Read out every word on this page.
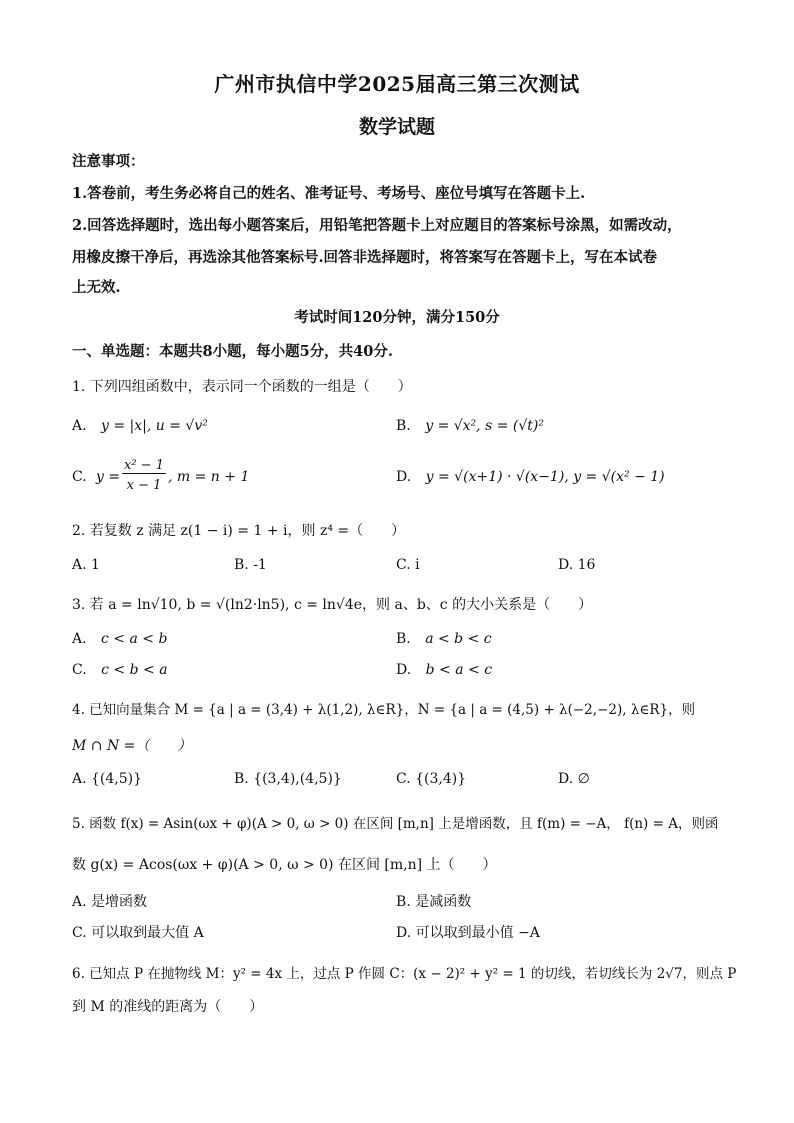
广州市执信中学2025届高三第三次测试
数学试题
注意事项：
1.答卷前，考生务必将自己的姓名、准考证号、考场号、座位号填写在答题卡上.
2.回答选择题时，选出每小题答案后，用铅笔把答题卡上对应题目的答案标号涂黑，如需改动，
用橡皮擦干净后，再选涂其他答案标号.回答非选择题时，将答案写在答题卡上，写在本试卷
上无效.
考试时间120分钟，满分150分
一、单选题：本题共8小题，每小题5分，共40分.
1. 下列四组函数中，表示同一个函数的一组是（　　）
A. y = |x|, u = √v²	B. y = √x², s = (√t)²
C. y =
x² − 1
x − 1
, m = n + 1	D. y = √(x+1) · √(x−1), y = √(x² − 1)
2. 若复数 z 满足 z(1 − i) = 1 + i，则 z⁴ =（　　）
A. 1	B. -1	C. i	D. 16
3. 若 a = ln√10, b = √(ln2·ln5), c = ln√4e，则 a、b、c 的大小关系是（　　）
A. c < a < b	B. a < b < c
C. c < b < a	D. b < a < c
4. 已知向量集合 M = {a | a = (3,4) + λ(1,2), λ∈R}，N = {a | a = (4,5) + λ(−2,−2), λ∈R}，则
M ∩ N =（　　）
A. {(4,5)}	B. {(3,4),(4,5)}	C. {(3,4)}	D. ∅
5. 函数 f(x) = Asin(ωx + φ)(A > 0, ω > 0) 在区间 [m,n] 上是增函数，且 f(m) = −A， f(n) = A，则函
数 g(x) = Acos(ωx + φ)(A > 0, ω > 0) 在区间 [m,n] 上（　　）
A. 是增函数	B. 是减函数
C. 可以取到最大值 A	D. 可以取到最小值 −A
6. 已知点 P 在抛物线 M：y² = 4x 上，过点 P 作圆 C：(x − 2)² + y² = 1 的切线，若切线长为 2√7，则点 P
到 M 的准线的距离为（　　）
